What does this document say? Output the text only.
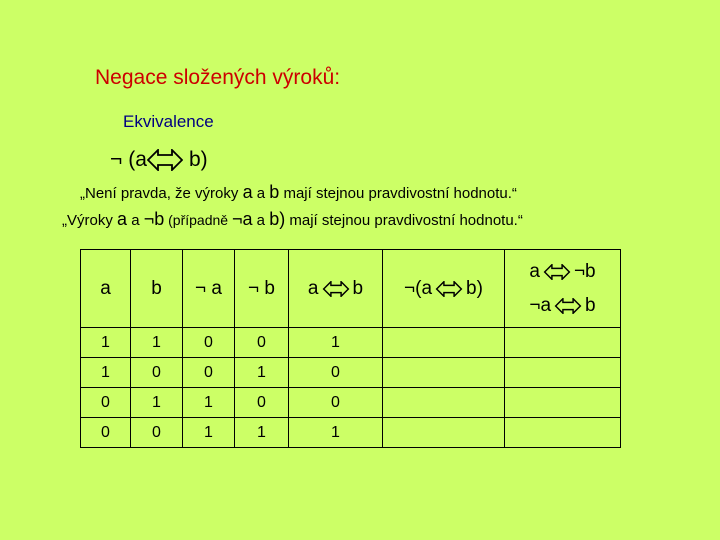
Negace složených výroků:
Ekvivalence
¬ (a b)
„Není pravda, že výroky a a b mají stejnou pravdivostní hodnotu.“
„Výroky a a ¬b (případně ¬a a b) mají stejnou pravdivostní hodnotu.“
a	b	¬ a	¬ b	a b	¬(a b)	a ¬b
¬a b

1	1	0	0	1		
1	0	0	1	0		
0	1	1	0	0		
0	0	1	1	1		
